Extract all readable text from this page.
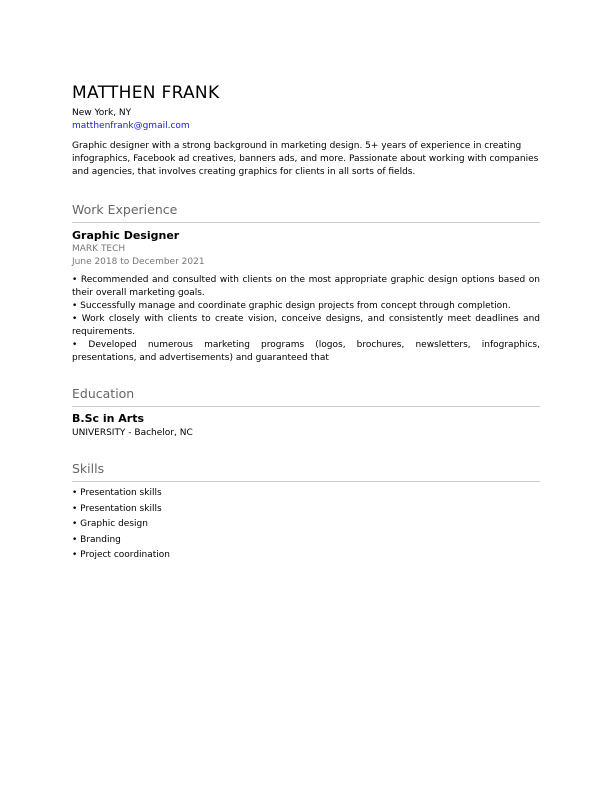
MATTHEN FRANK
New York, NY
matthenfrank@gmail.com
Graphic designer with a strong background in marketing design. 5+ years of experience in creating infographics, Facebook ad creatives, banners ads, and more. Passionate about working with companies and agencies, that involves creating graphics for clients in all sorts of fields.
Work Experience
Graphic Designer
MARK TECH
June 2018 to December 2021
• Recommended and consulted with clients on the most appropriate graphic design options based on their overall marketing goals.
• Successfully manage and coordinate graphic design projects from concept through completion.
• Work closely with clients to create vision, conceive designs, and consistently meet deadlines and requirements.
• Developed numerous marketing programs (logos, brochures, newsletters, infographics, presentations, and advertisements) and guaranteed that
Education
B.Sc in Arts
UNIVERSITY - Bachelor, NC
Skills
• Presentation skills
• Presentation skills
• Graphic design
• Branding
• Project coordination
